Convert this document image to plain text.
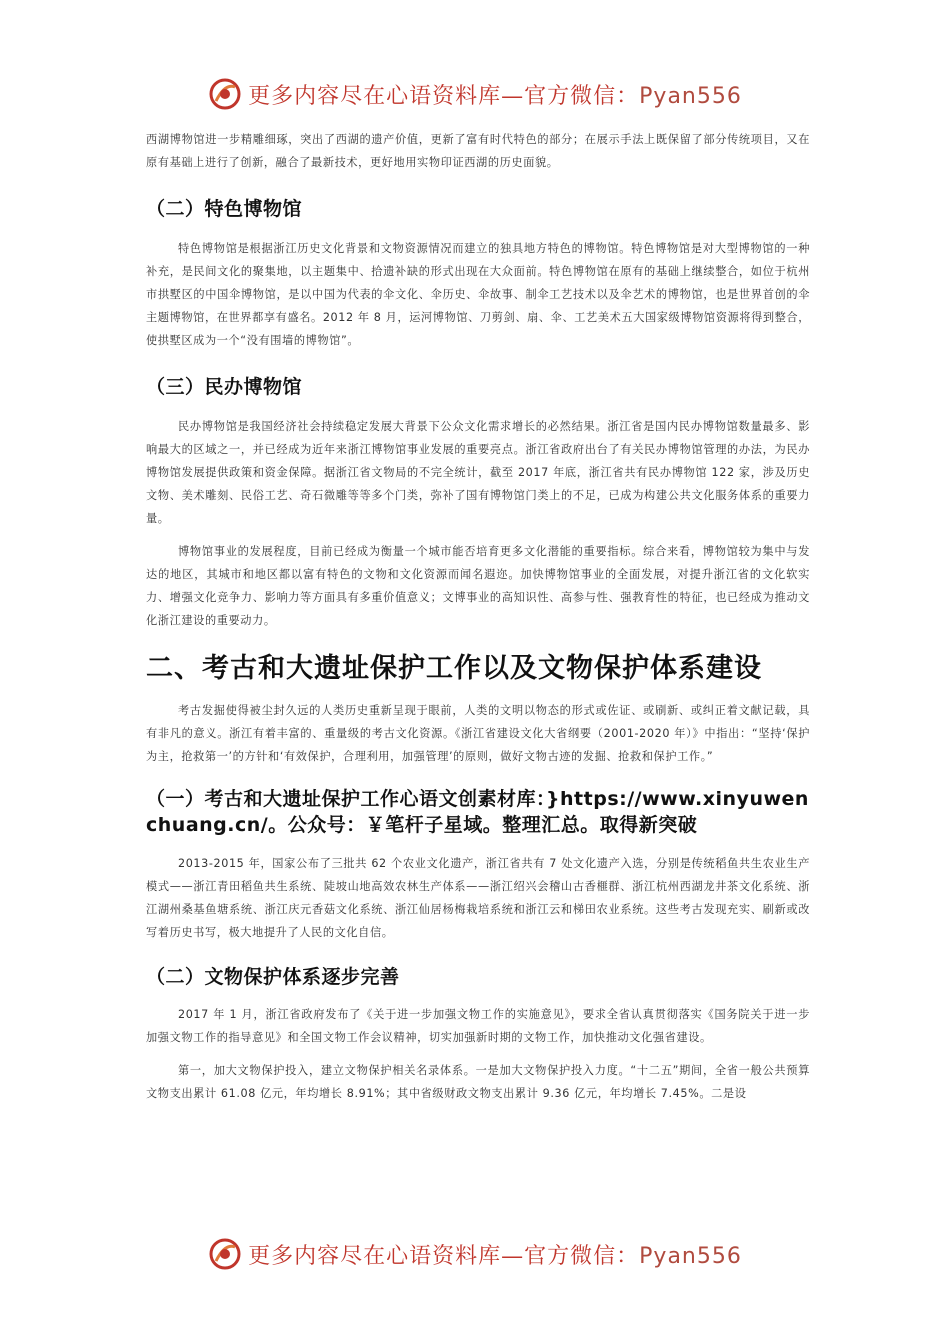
更多内容尽在心语资料库—官方微信：Pyan556

西湖博物馆进一步精雕细琢，突出了西湖的遗产价值，更新了富有时代特色的部分；在展示手法上既保留了部分传统项目，又在原有基础上进行了创新，融合了最新技术，更好地用实物印证西湖的历史面貌。

（二）特色博物馆

特色博物馆是根据浙江历史文化背景和文物资源情况而建立的独具地方特色的博物馆。特色博物馆是对大型博物馆的一种补充，是民间文化的聚集地，以主题集中、拾遗补缺的形式出现在大众面前。特色博物馆在原有的基础上继续整合，如位于杭州市拱墅区的中国伞博物馆，是以中国为代表的伞文化、伞历史、伞故事、制伞工艺技术以及伞艺术的博物馆，也是世界首创的伞主题博物馆，在世界都享有盛名。2012 年 8 月，运河博物馆、刀剪剑、扇、伞、工艺美术五大国家级博物馆资源将得到整合，使拱墅区成为一个“没有围墙的博物馆”。

（三）民办博物馆

民办博物馆是我国经济社会持续稳定发展大背景下公众文化需求增长的必然结果。浙江省是国内民办博物馆数量最多、影响最大的区域之一，并已经成为近年来浙江博物馆事业发展的重要亮点。浙江省政府出台了有关民办博物馆管理的办法，为民办博物馆发展提供政策和资金保障。据浙江省文物局的不完全统计，截至 2017 年底，浙江省共有民办博物馆 122 家，涉及历史文物、美术雕刻、民俗工艺、奇石微雕等等多个门类，弥补了国有博物馆门类上的不足，已成为构建公共文化服务体系的重要力量。

博物馆事业的发展程度，目前已经成为衡量一个城市能否培育更多文化潜能的重要指标。综合来看，博物馆较为集中与发达的地区，其城市和地区都以富有特色的文物和文化资源而闻名遐迩。加快博物馆事业的全面发展，对提升浙江省的文化软实力、增强文化竞争力、影响力等方面具有多重价值意义；文博事业的高知识性、高参与性、强教育性的特征，也已经成为推动文化浙江建设的重要动力。

二、考古和大遗址保护工作以及文物保护体系建设

考古发掘使得被尘封久远的人类历史重新呈现于眼前，人类的文明以物态的形式或佐证、或刷新、或纠正着文献记载，具有非凡的意义。浙江有着丰富的、重量级的考古文化资源。《浙江省建设文化大省纲要（2001-2020 年）》中指出：“坚持‘保护为主，抢救第一’的方针和‘有效保护，合理利用，加强管理’的原则，做好文物古迹的发掘、抢救和保护工作。”

（一）考古和大遗址保护工作心语文创素材库：}https://www.xinyuwenchuang.cn/。公众号：￥笔杆子星域。整理汇总。取得新突破

2013-2015 年，国家公布了三批共 62 个农业文化遗产，浙江省共有 7 处文化遗产入选，分别是传统稻鱼共生农业生产模式——浙江青田稻鱼共生系统、陡坡山地高效农林生产体系——浙江绍兴会稽山古香榧群、浙江杭州西湖龙井茶文化系统、浙江湖州桑基鱼塘系统、浙江庆元香菇文化系统、浙江仙居杨梅栽培系统和浙江云和梯田农业系统。这些考古发现充实、刷新或改写着历史书写，极大地提升了人民的文化自信。

（二）文物保护体系逐步完善

2017 年 1 月，浙江省政府发布了《关于进一步加强文物工作的实施意见》，要求全省认真贯彻落实《国务院关于进一步加强文物工作的指导意见》和全国文物工作会议精神，切实加强新时期的文物工作，加快推动文化强省建设。

第一，加大文物保护投入，建立文物保护相关名录体系。一是加大文物保护投入力度。“十二五”期间，全省一般公共预算文物支出累计 61.08 亿元，年均增长 8.91%；其中省级财政文物支出累计 9.36 亿元，年均增长 7.45%。二是设

更多内容尽在心语资料库—官方微信：Pyan556
